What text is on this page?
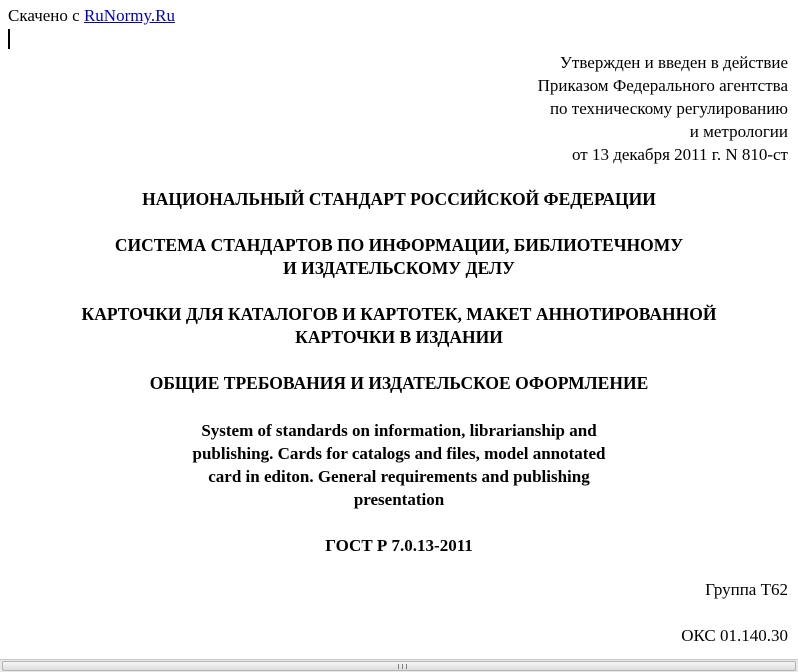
Скачено с RuNormy.Ru
Утвержден и введен в действие
Приказом Федерального агентства
по техническому регулированию
и метрологии
от 13 декабря 2011 г. N 810-ст
НАЦИОНАЛЬНЫЙ СТАНДАРТ РОССИЙСКОЙ ФЕДЕРАЦИИ
СИСТЕМА СТАНДАРТОВ ПО ИНФОРМАЦИИ, БИБЛИОТЕЧНОМУ
И ИЗДАТЕЛЬСКОМУ ДЕЛУ
КАРТОЧКИ ДЛЯ КАТАЛОГОВ И КАРТОТЕК, МАКЕТ АННОТИРОВАННОЙ
КАРТОЧКИ В ИЗДАНИИ
ОБЩИЕ ТРЕБОВАНИЯ И ИЗДАТЕЛЬСКОЕ ОФОРМЛЕНИЕ
System of standards on information, librarianship and
publishing. Cards for catalogs and files, model annotated
card in editon. General requirements and publishing
presentation
ГОСТ Р 7.0.13-2011
Группа Т62
ОКС 01.140.30
